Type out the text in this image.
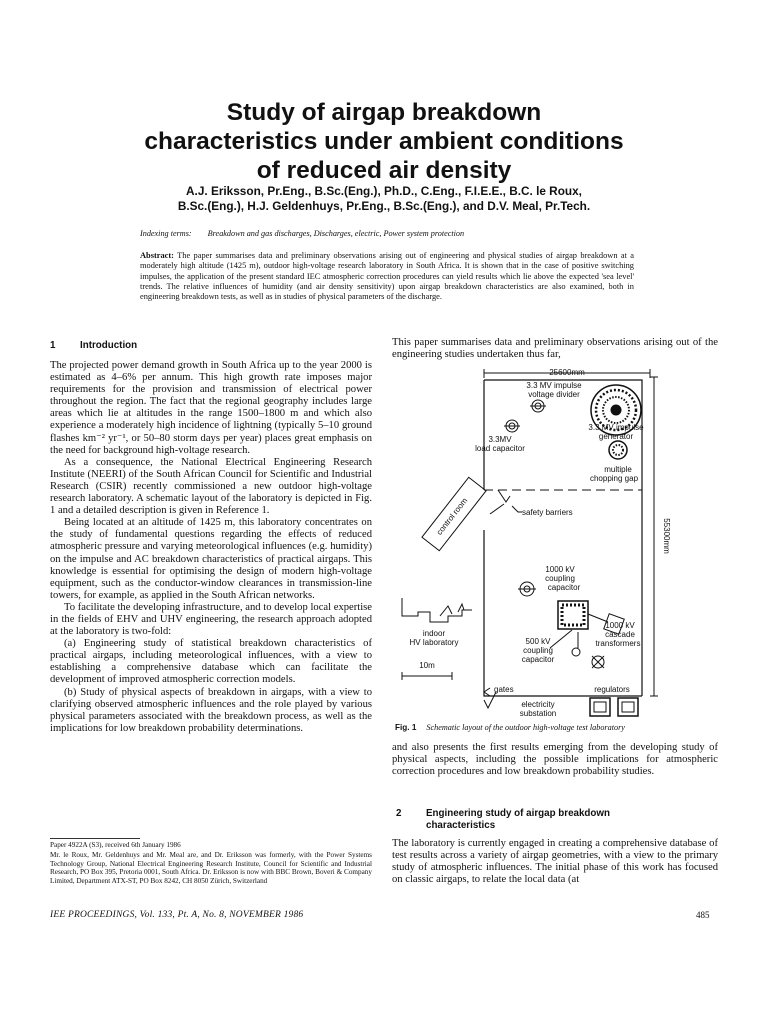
Study of airgap breakdown
characteristics under ambient conditions
of reduced air density
A.J. Eriksson, Pr.Eng., B.Sc.(Eng.), Ph.D., C.Eng., F.I.E.E., B.C. le Roux,
B.Sc.(Eng.), H.J. Geldenhuys, Pr.Eng., B.Sc.(Eng.), and D.V. Meal, Pr.Tech.
Indexing terms: Breakdown and gas discharges, Discharges, electric, Power system protection
Abstract: The paper summarises data and preliminary observations arising out of engineering and physical studies of airgap breakdown at a moderately high altitude (1425 m), outdoor high-voltage research laboratory in South Africa. It is shown that in the case of positive switching impulses, the application of the present standard IEC atmospheric correction procedures can yield results which lie above the expected 'sea level' trends. The relative influences of humidity (and air density sensitivity) upon airgap breakdown characteristics are also examined, both in engineering breakdown tests, as well as in studies of physical parameters of the discharge.
1	Introduction

The projected power demand growth in South Africa up to the year 2000 is estimated as 4–6% per annum. This high growth rate imposes major requirements for the provision and transmission of electrical power throughout the region. The fact that the regional geography includes large areas which lie at altitudes in the range 1500–1800 m and which also experience a moderately high incidence of lightning (typically 5–10 ground flashes km⁻² yr⁻¹, or 50–80 storm days per year) places great emphasis on the need for background high-voltage research.

As a consequence, the National Electrical Engineering Research Institute (NEERI) of the South African Council for Scientific and Industrial Research (CSIR) recently commissioned a new outdoor high-voltage research laboratory. A schematic layout of the laboratory is depicted in Fig. 1 and a detailed description is given in Reference 1.

Being located at an altitude of 1425 m, this laboratory concentrates on the study of fundamental questions regarding the effects of reduced atmospheric pressure and varying meteorological influences (e.g. humidity) on the impulse and AC breakdown characteristics of practical airgaps. This knowledge is essential for optimising the design of modern high-voltage equipment, such as the conductor-window clearances in transmission-line towers, for example, as applied in the South African networks.

To facilitate the developing infrastructure, and to develop local expertise in the fields of EHV and UHV engineering, the research approach adopted at the laboratory is two-fold:

(a) Engineering study of statistical breakdown characteristics of practical airgaps, including meteorological influences, with a view to establishing a comprehensive database which can facilitate the development of improved atmospheric correction models.

(b) Study of physical aspects of breakdown in airgaps, with a view to clarifying observed atmospheric influences and the role played by various physical parameters associated with the breakdown process, as well as the implications for low breakdown probability determinations.

Paper 4922A (S3), received 6th January 1986

Mr. le Roux, Mr. Geldenhuys and Mr. Meal are, and Dr. Eriksson was formerly, with the Power Systems Technology Group, National Electrical Engineering Research Institute, Council for Scientific and Industrial Research, PO Box 395, Pretoria 0001, South Africa. Dr. Eriksson is now with BBC Brown, Boveri & Company Limited, Department ATX-ST, PO Box 8242, CH 8050 Zürich, Switzerland

IEE PROCEEDINGS, Vol. 133, Pt. A, No. 8, NOVEMBER 1986	485

This paper summarises data and preliminary observations arising out of the engineering studies undertaken thus far,

25600mm
55300mm
3.3 MV impulse
voltage divider
3.3 MV impulse
generator
3.3MV
load capacitor
multiple
chopping gap
control room	safety barriers
1000 kV
coupling
capacitor
1000 kV
cascade
transformers
500 kV
coupling
capacitor
indoor
HV laboratory
10m
gates	regulators
electricity
substation
Fig. 1 Schematic layout of the outdoor high-voltage test laboratory

and also presents the first results emerging from the developing study of physical aspects, including the possible implications for atmospheric correction procedures and low breakdown probability studies.

2	Engineering study of airgap breakdown
characteristics

The laboratory is currently engaged in creating a comprehensive database of test results across a variety of airgap geometries, with a view to the primary study of atmospheric influences. The initial phase of this work has focused on classic airgaps, to relate the local data (at
